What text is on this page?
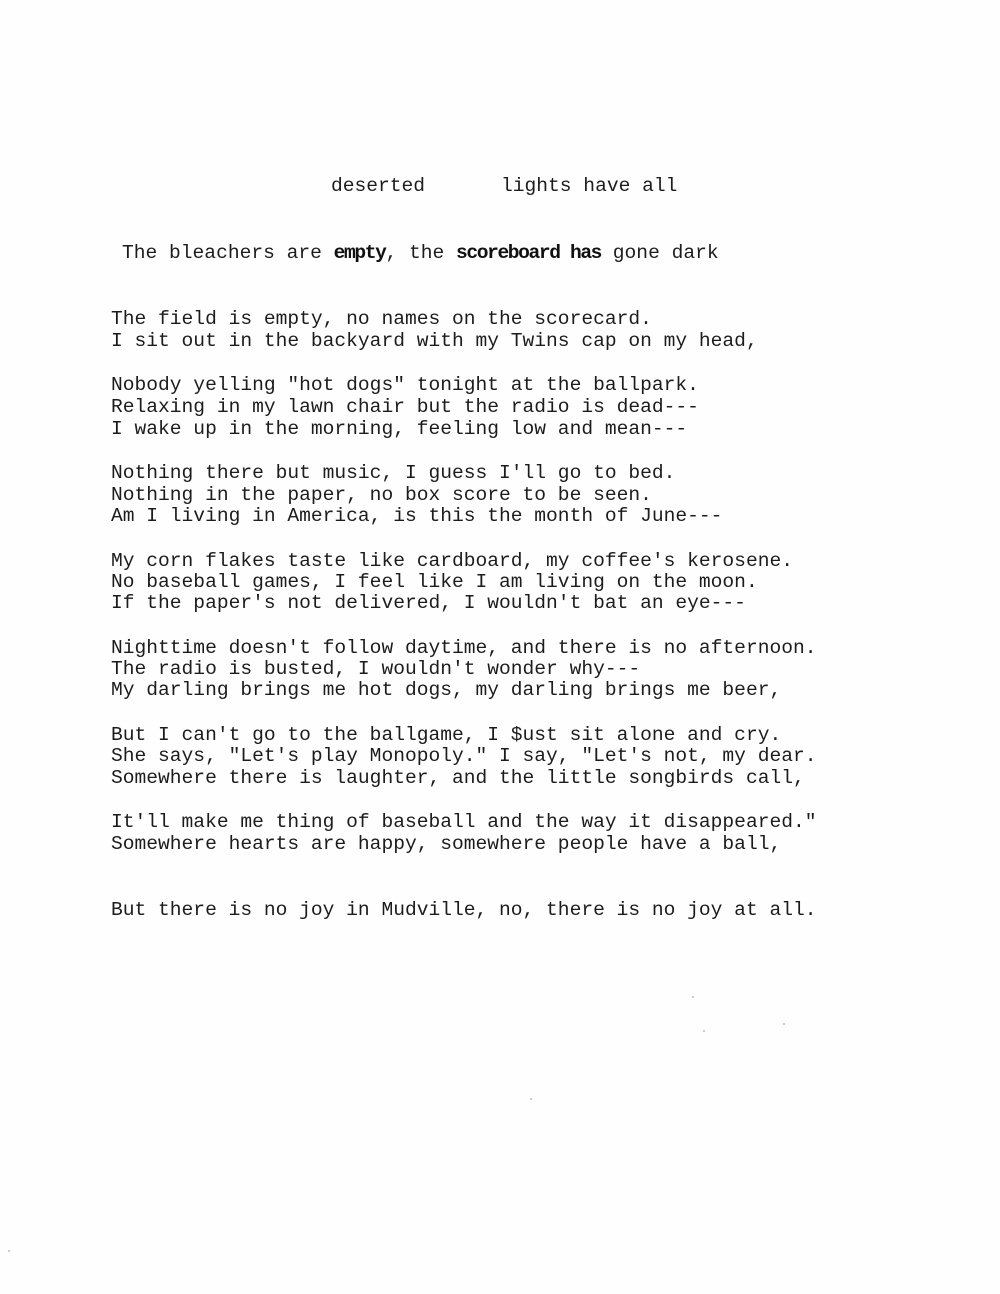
deserted

	lights have all

The bleachers are empty, the scoreboard has gone dark

The field is empty, no names on the scorecard.

Nobody yelling "hot dogs" tonight at the ballpark.

I sit out in the backyard with my Twins cap on my head,

Relaxing in my lawn chair but the radio is dead---

Nothing there but music, I guess I'll go to bed.

I wake up in the morning, feeling low and mean---

Nothing in the paper, no box score to be seen.

My corn flakes taste like cardboard, my coffee's kerosene.

Am I living in America, is this the month of June---

No baseball games, I feel like I am living on the moon.

Nighttime doesn't follow daytime, and there is no afternoon.

If the paper's not delivered, I wouldn't bat an eye---

The radio is busted, I wouldn't wonder why---

But I can't go to the ballgame, I $ust sit alone and cry.

My darling brings me hot dogs, my darling brings me beer,

She says, "Let's play Monopoly." I say, "Let's not, my dear.

It'll make me thing of baseball and the way it disappeared."

Somewhere there is laughter, and the little songbirds call,

Somewhere hearts are happy, somewhere people have a ball,

But there is no joy in Mudville, no, there is no joy at all.
